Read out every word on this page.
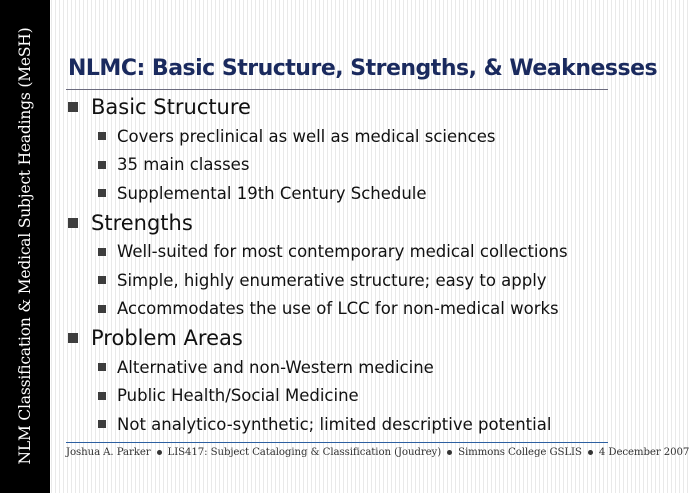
NLM Classification & Medical Subject Headings (MeSH) NLMC: Basic Structure, Strengths, & Weaknesses
Basic Structure
Covers preclinical as well as medical sciences
35 main classes
Supplemental 19th Century Schedule
Strengths
Well-suited for most contemporary medical collections
Simple, highly enumerative structure; easy to apply
Accommodates the use of LCC for non-medical works
Problem Areas
Alternative and non-Western medicine
Public Health/Social Medicine
Not analytico-synthetic; limited descriptive potential
Joshua A. Parker LIS417: Subject Cataloging & Classification (Joudrey) Simmons College GSLIS 4 December 2007
